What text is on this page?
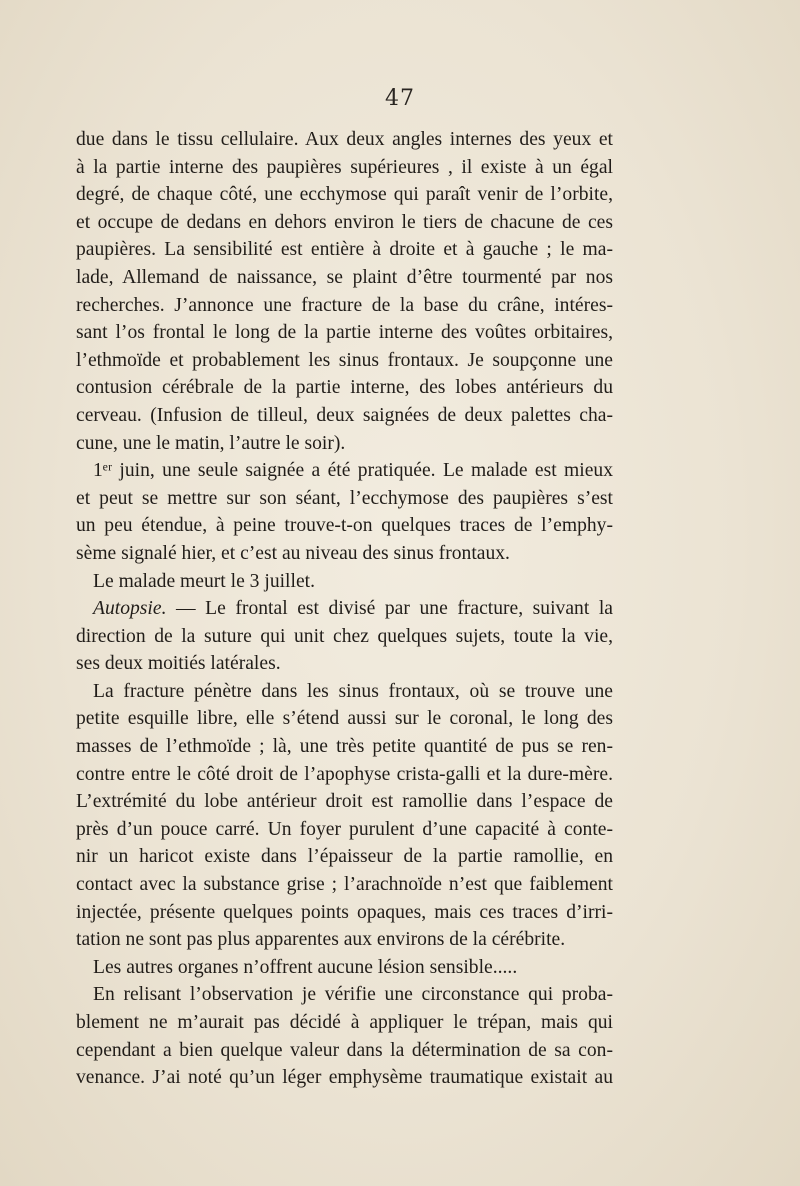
47
due dans le tissu cellulaire. Aux deux angles internes des yeux et
à la partie interne des paupières supérieures , il existe à un égal
degré, de chaque côté, une ecchymose qui paraît venir de l’orbite,
et occupe de dedans en dehors environ le tiers de chacune de ces
paupières. La sensibilité est entière à droite et à gauche ; le ma-
lade, Allemand de naissance, se plaint d’être tourmenté par nos
recherches. J’annonce une fracture de la base du crâne, intéres-
sant l’os frontal le long de la partie interne des voûtes orbitaires,
l’ethmoïde et probablement les sinus frontaux. Je soupçonne une
contusion cérébrale de la partie interne, des lobes antérieurs du
cerveau. (Infusion de tilleul, deux saignées de deux palettes cha-
cune, une le matin, l’autre le soir).
1ᵉʳ juin, une seule saignée a été pratiquée. Le malade est mieux
et peut se mettre sur son séant, l’ecchymose des paupières s’est
un peu étendue, à peine trouve-t-on quelques traces de l’emphy-
sème signalé hier, et c’est au niveau des sinus frontaux.
Le malade meurt le 3 juillet.
Autopsie. — Le frontal est divisé par une fracture, suivant la
direction de la suture qui unit chez quelques sujets, toute la vie,
ses deux moitiés latérales.
La fracture pénètre dans les sinus frontaux, où se trouve une
petite esquille libre, elle s’étend aussi sur le coronal, le long des
masses de l’ethmoïde ; là, une très petite quantité de pus se ren-
contre entre le côté droit de l’apophyse crista-galli et la dure-mère.
L’extrémité du lobe antérieur droit est ramollie dans l’espace de
près d’un pouce carré. Un foyer purulent d’une capacité à conte-
nir un haricot existe dans l’épaisseur de la partie ramollie, en
contact avec la substance grise ; l’arachnoïde n’est que faiblement
injectée, présente quelques points opaques, mais ces traces d’irri-
tation ne sont pas plus apparentes aux environs de la cérébrite.
Les autres organes n’offrent aucune lésion sensible.....
En relisant l’observation je vérifie une circonstance qui proba-
blement ne m’aurait pas décidé à appliquer le trépan, mais qui
cependant a bien quelque valeur dans la détermination de sa con-
venance. J’ai noté qu’un léger emphysème traumatique existait au
